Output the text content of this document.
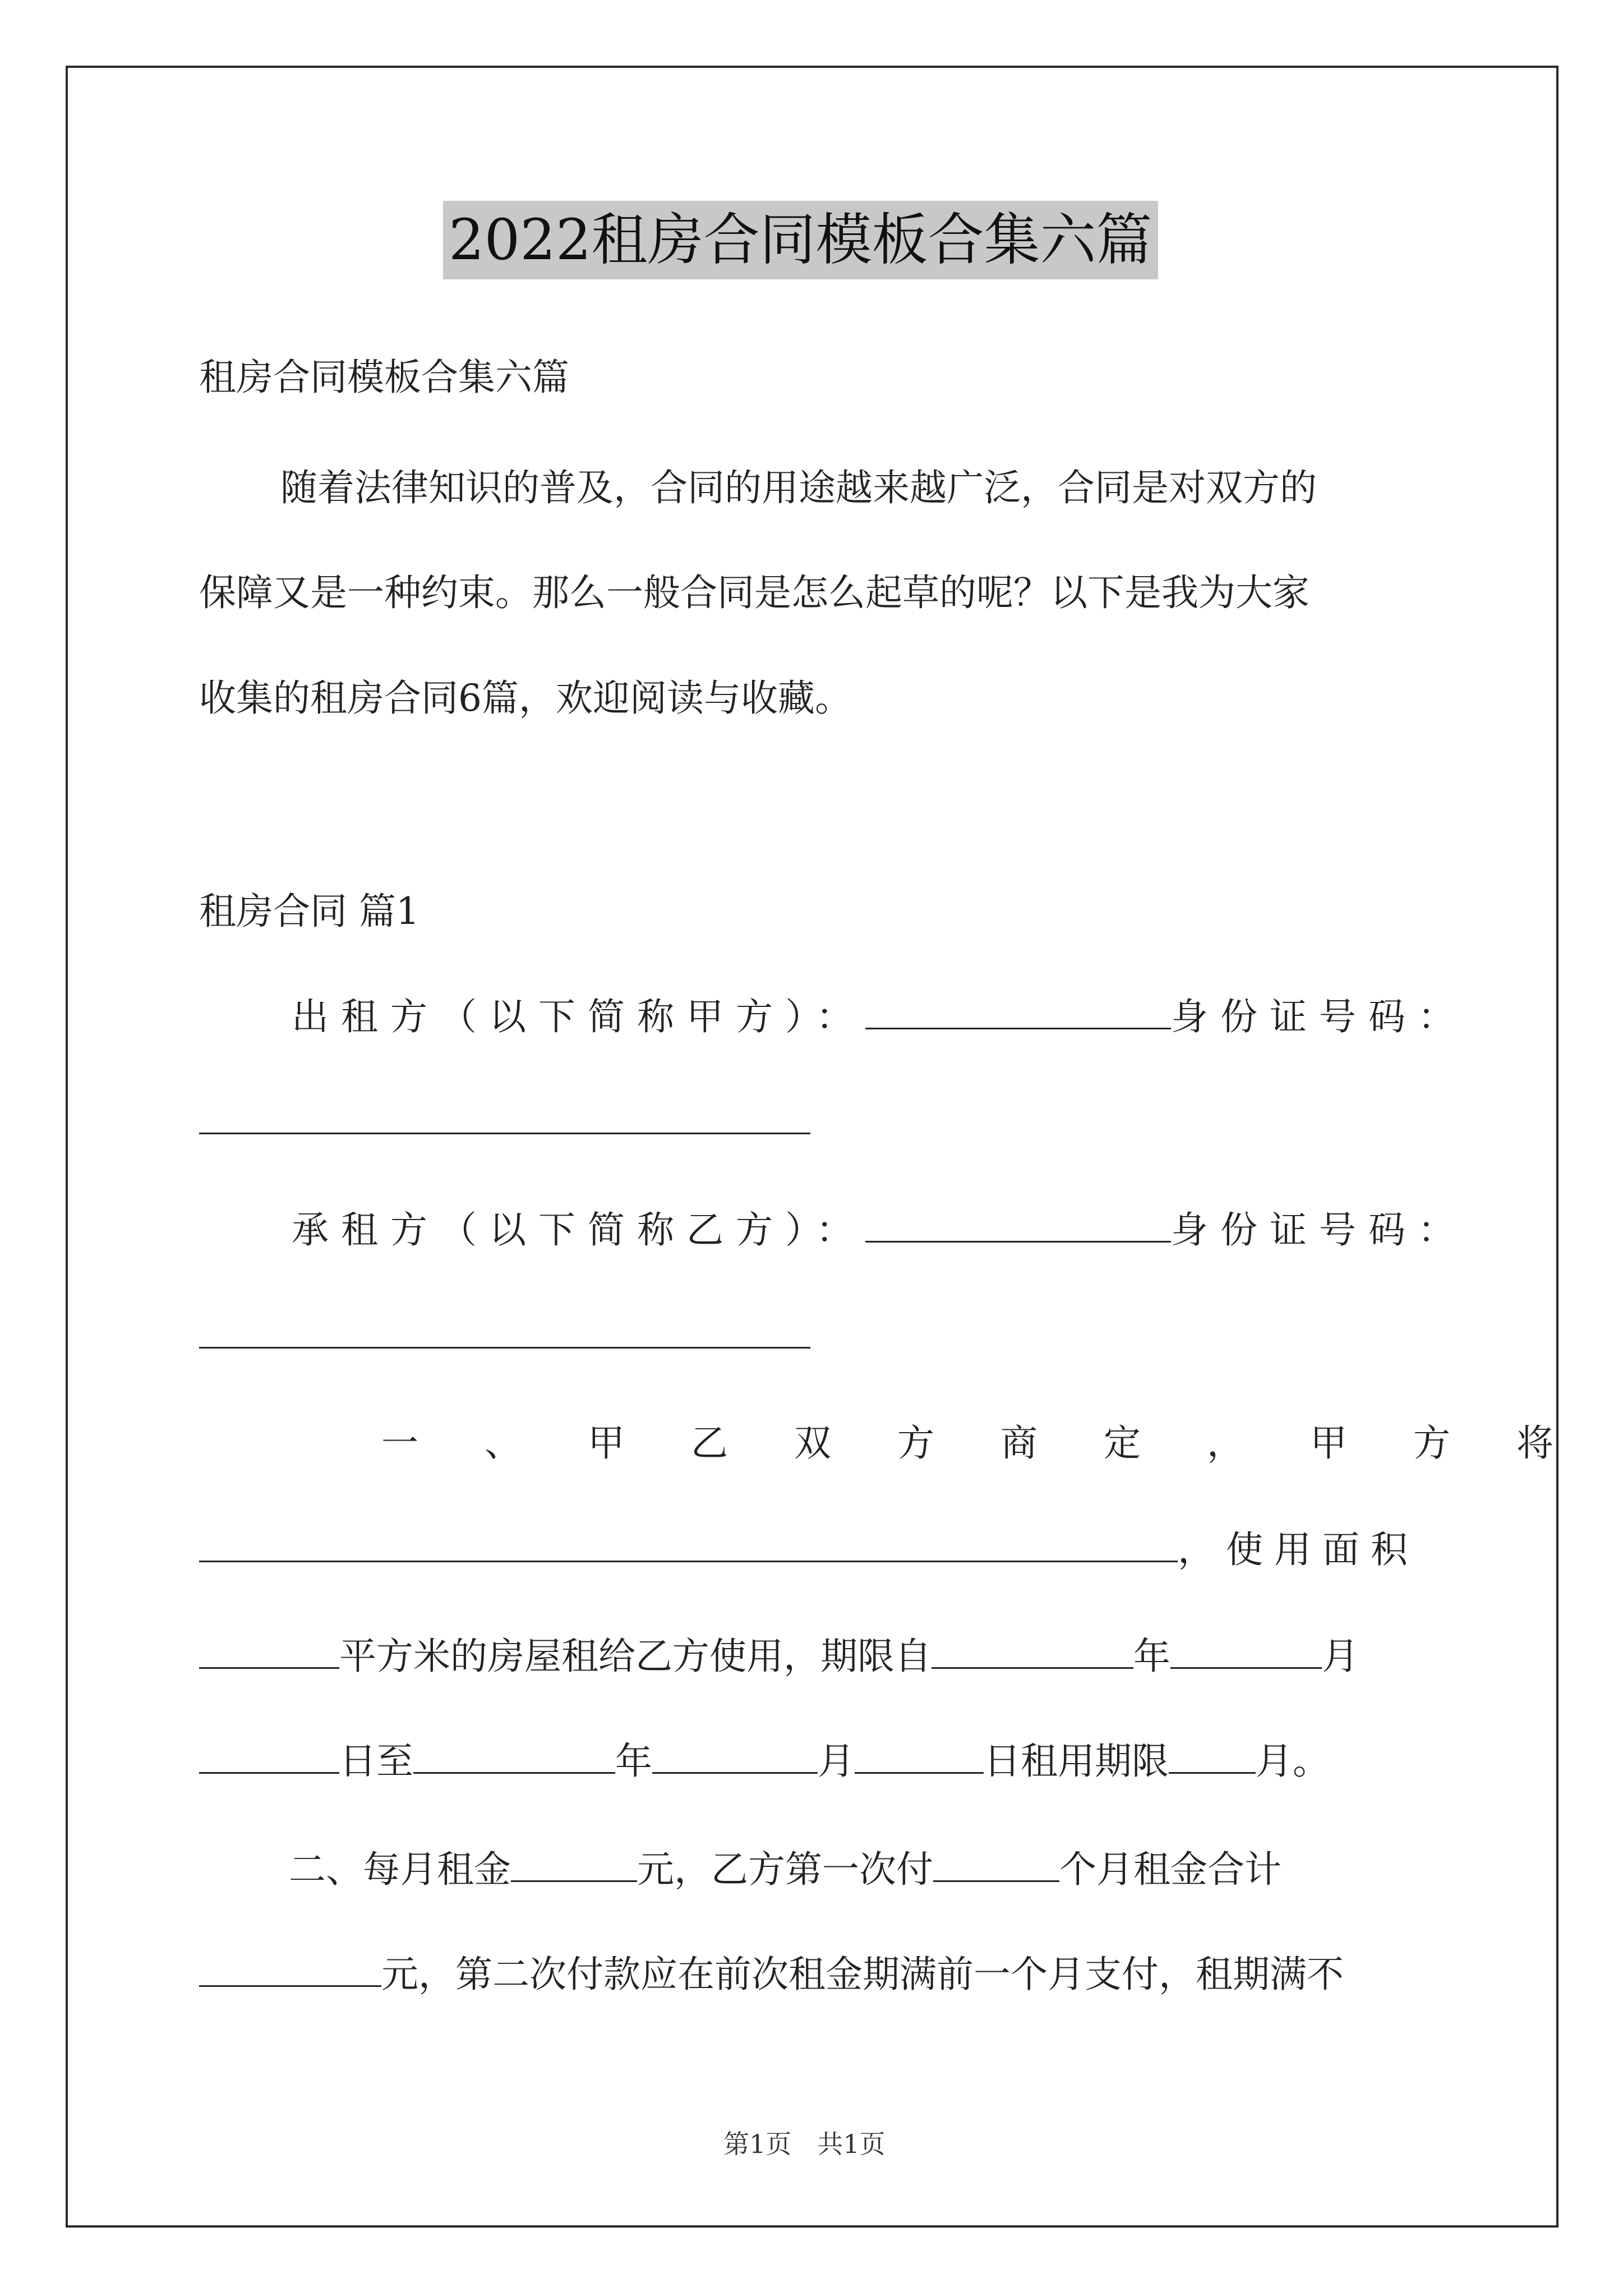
2022租房合同模板合集六篇
租房合同模板合集六篇
随着法律知识的普及，合同的用途越来越广泛，合同是对双方的
保障又是一种约束。那么一般合同是怎么起草的呢？以下是我为大家
收集的租房合同6篇，欢迎阅读与收藏。
租房合同 篇1
出租方（以下简称甲方）：	身份证号码：
承租方（以下简称乙方）：	身份证号码：
一、甲乙双方商定，甲方将
，使用面积
平方米的房屋租给乙方使用，期限自	年	月
日至	年	月	日租用期限 月。
二、每月租金	元，乙方第一次付	个月租金合计
元，第二次付款应在前次租金期满前一个月支付，租期满不
第1页　共1页
